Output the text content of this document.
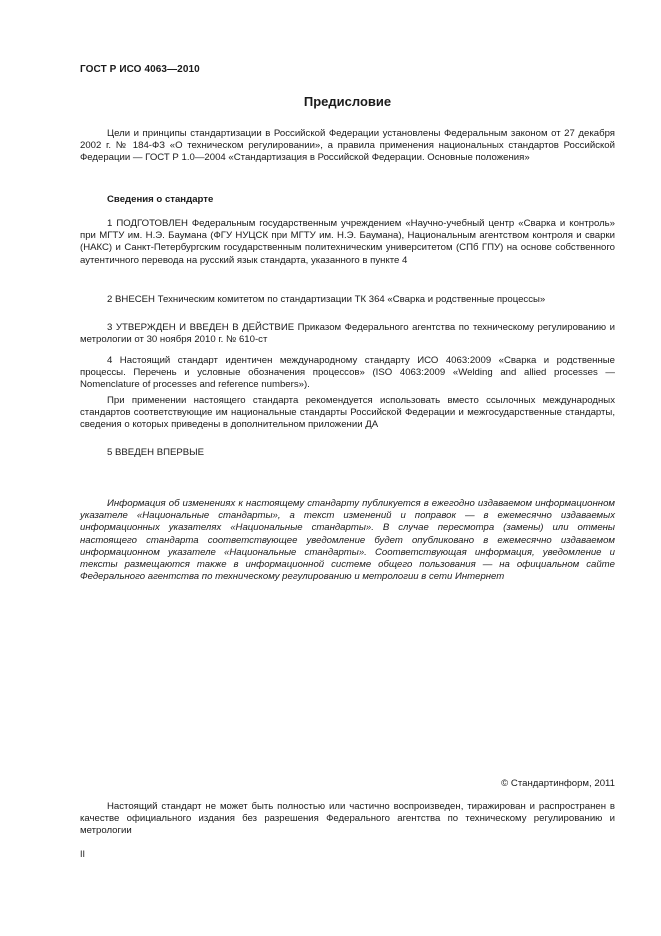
ГОСТ Р ИСО 4063—2010
Предисловие

Цели и принципы стандартизации в Российской Федерации установлены Федеральным законом от 27 декабря 2002 г. № 184-ФЗ «О техническом регулировании», а правила применения национальных стандартов Российской Федерации — ГОСТ Р 1.0—2004 «Стандартизация в Российской Федерации. Основные положения»

Сведения о стандарте

1 ПОДГОТОВЛЕН Федеральным государственным учреждением «Научно-учебный центр «Сварка и контроль» при МГТУ им. Н.Э. Баумана (ФГУ НУЦСК при МГТУ им. Н.Э. Баумана), Национальным агентством контроля и сварки (НАКС) и Санкт-Петербургским государственным политехническим университетом (СПб ГПУ) на основе собственного аутентичного перевода на русский язык стандарта, указанного в пункте 4

2 ВНЕСЕН Техническим комитетом по стандартизации ТК 364 «Сварка и родственные процессы»

3 УТВЕРЖДЕН И ВВЕДЕН В ДЕЙСТВИЕ Приказом Федерального агентства по техническому регулированию и метрологии от 30 ноября 2010 г. № 610-ст

4 Настоящий стандарт идентичен международному стандарту ИСО 4063:2009 «Сварка и родственные процессы. Перечень и условные обозначения процессов» (ISO 4063:2009 «Welding and allied processes — Nomenclature of processes and reference numbers»).

При применении настоящего стандарта рекомендуется использовать вместо ссылочных международных стандартов соответствующие им национальные стандарты Российской Федерации и межгосударственные стандарты, сведения о которых приведены в дополнительном приложении ДА

5 ВВЕДЕН ВПЕРВЫЕ

Информация об изменениях к настоящему стандарту публикуется в ежегодно издаваемом информационном указателе «Национальные стандарты», а текст изменений и поправок — в ежемесячно издаваемых информационных указателях «Национальные стандарты». В случае пересмотра (замены) или отмены настоящего стандарта соответствующее уведомление будет опубликовано в ежемесячно издаваемом информационном указателе «Национальные стандарты». Соответствующая информация, уведомление и тексты размещаются также в информационной системе общего пользования — на официальном сайте Федерального агентства по техническому регулированию и метрологии в сети Интернет

© Стандартинформ, 2011

Настоящий стандарт не может быть полностью или частично воспроизведен, тиражирован и распространен в качестве официального издания без разрешения Федерального агентства по техническому регулированию и метрологии

II
